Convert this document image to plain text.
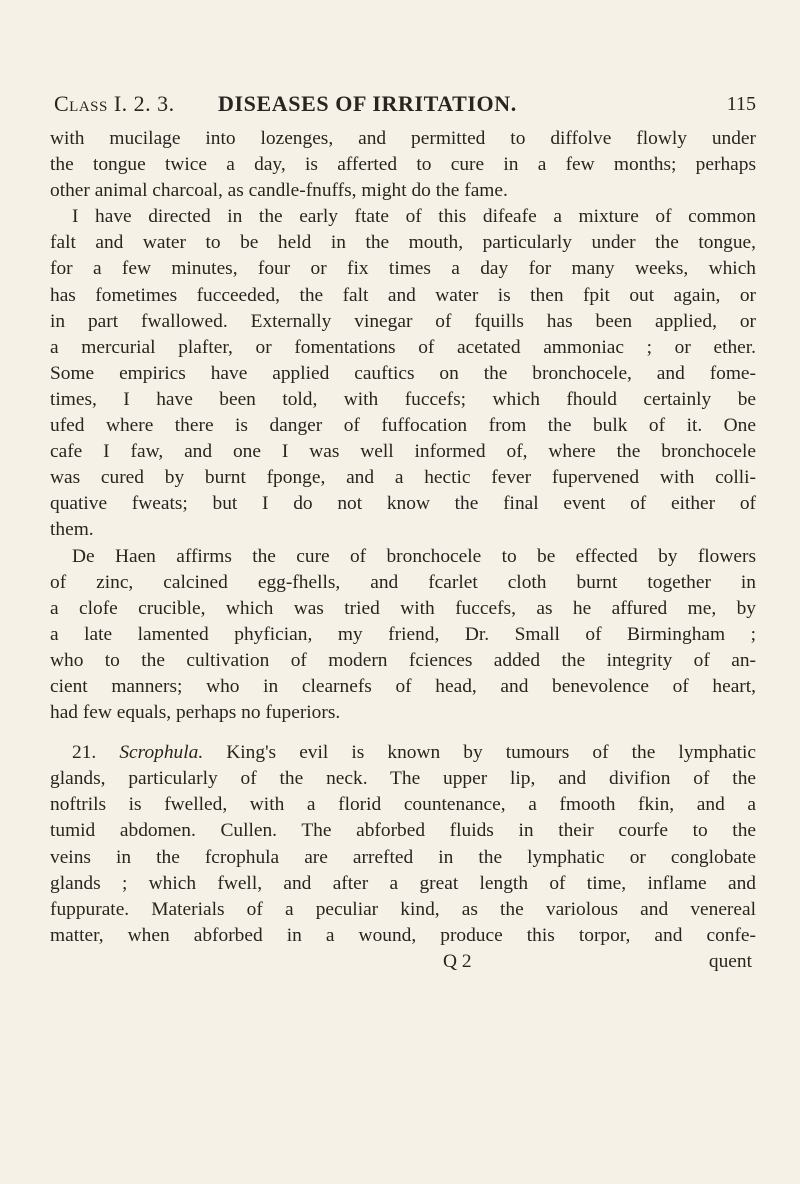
Class I. 2. 3. DISEASES OF IRRITATION.	115

with mucilage into lozenges, and permitted to diffolve flowly under
the tongue twice a day, is afferted to cure in a few months; perhaps
other animal charcoal, as candle-fnuffs, might do the fame.

I have directed in the early ftate of this difeafe a mixture of common
falt and water to be held in the mouth, particularly under the tongue,
for a few minutes, four or fix times a day for many weeks, which
has fometimes fucceeded, the falt and water is then fpit out again, or
in part fwallowed. Externally vinegar of fquills has been applied, or
a mercurial plafter, or fomentations of acetated ammoniac ; or ether.
Some empirics have applied cauftics on the bronchocele, and fome-
times, I have been told, with fuccefs; which fhould certainly be
ufed where there is danger of fuffocation from the bulk of it. One
cafe I faw, and one I was well informed of, where the bronchocele
was cured by burnt fponge, and a hectic fever fupervened with colli-
quative fweats; but I do not know the final event of either of
them.

De Haen affirms the cure of bronchocele to be effected by flowers
of zinc, calcined egg-fhells, and fcarlet cloth burnt together in
a clofe crucible, which was tried with fuccefs, as he affured me, by
a late lamented phyfician, my friend, Dr. Small of Birmingham ;
who to the cultivation of modern fciences added the integrity of an-
cient manners; who in clearnefs of head, and benevolence of heart,
had few equals, perhaps no fuperiors.

21. Scrophula. King's evil is known by tumours of the lymphatic
glands, particularly of the neck. The upper lip, and divifion of the
noftrils is fwelled, with a florid countenance, a fmooth fkin, and a
tumid abdomen. Cullen. The abforbed fluids in their courfe to the
veins in the fcrophula are arrefted in the lymphatic or conglobate
glands ; which fwell, and after a great length of time, inflame and
fuppurate. Materials of a peculiar kind, as the variolous and venereal
matter, when abforbed in a wound, produce this torpor, and confe-

Q 2	quent
